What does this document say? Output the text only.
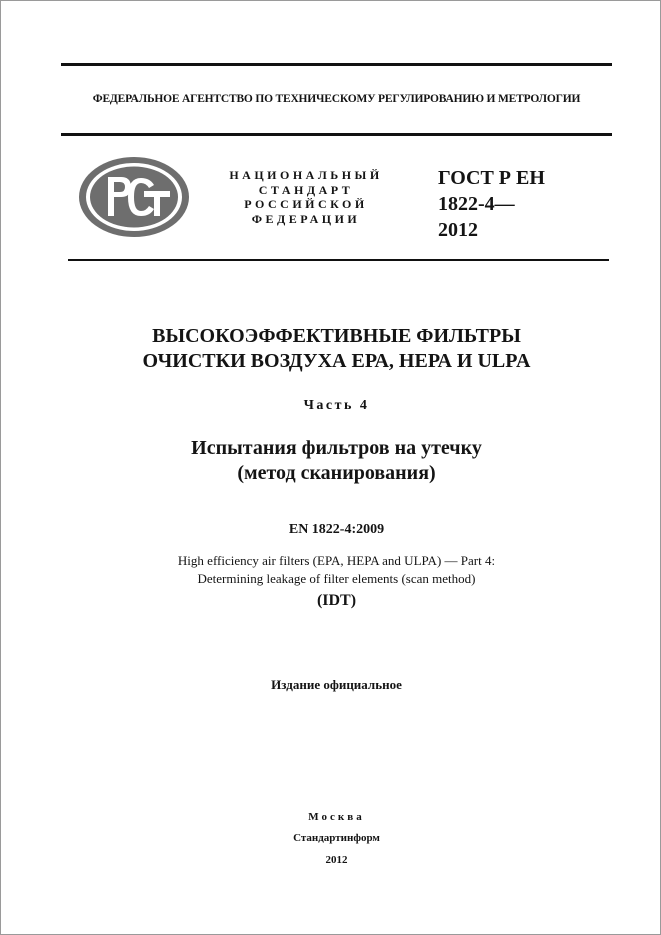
ФЕДЕРАЛЬНОЕ АГЕНТСТВО ПО ТЕХНИЧЕСКОМУ РЕГУЛИРОВАНИЮ И МЕТРОЛОГИИ
НАЦИОНАЛЬНЫЙ
СТАНДАРТ
РОССИЙСКОЙ
ФЕДЕРАЦИИ
ГОСТ Р ЕН
1822-4—
2012
ВЫСОКОЭФФЕКТИВНЫЕ ФИЛЬТРЫ
ОЧИСТКИ ВОЗДУХА ЕРА, НЕРА И ULPA
Часть 4
Испытания фильтров на утечку
(метод сканирования)
EN 1822-4:2009
High efficiency air filters (EPA, HEPA and ULPA) — Part 4:
Determining leakage of filter elements (scan method)
(IDT)
Издание официальное
Москва
Стандартинформ
2012
